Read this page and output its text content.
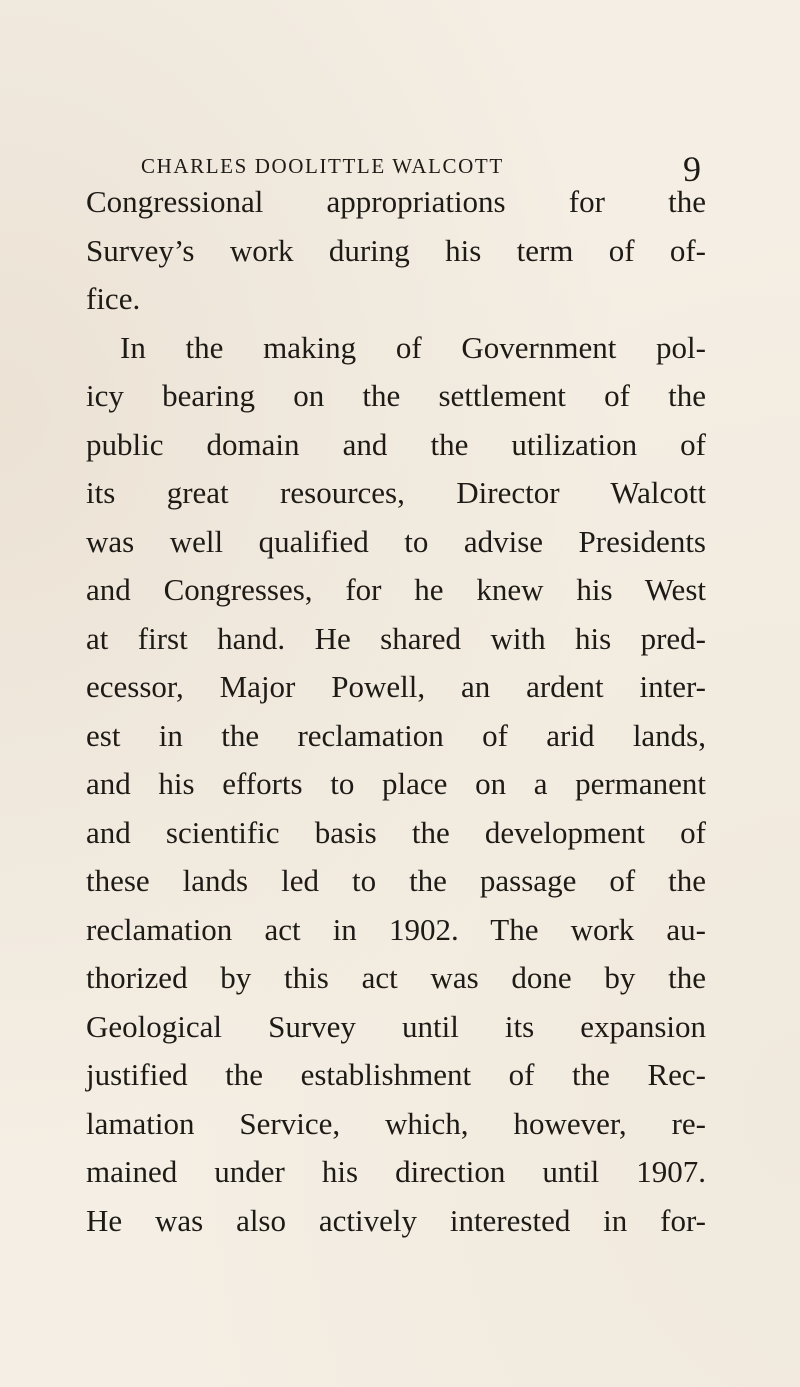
CHARLES DOOLITTLE WALCOTT	9
Congressional appropriations for the
Survey’s work during his term of of-
fice.
In the making of Government pol-
icy bearing on the settlement of the
public domain and the utilization of
its great resources, Director Walcott
was well qualified to advise Presidents
and Congresses, for he knew his West
at first hand. He shared with his pred-
ecessor, Major Powell, an ardent inter-
est in the reclamation of arid lands,
and his efforts to place on a permanent
and scientific basis the development of
these lands led to the passage of the
reclamation act in 1902. The work au-
thorized by this act was done by the
Geological Survey until its expansion
justified the establishment of the Rec-
lamation Service, which, however, re-
mained under his direction until 1907.
He was also actively interested in for-
